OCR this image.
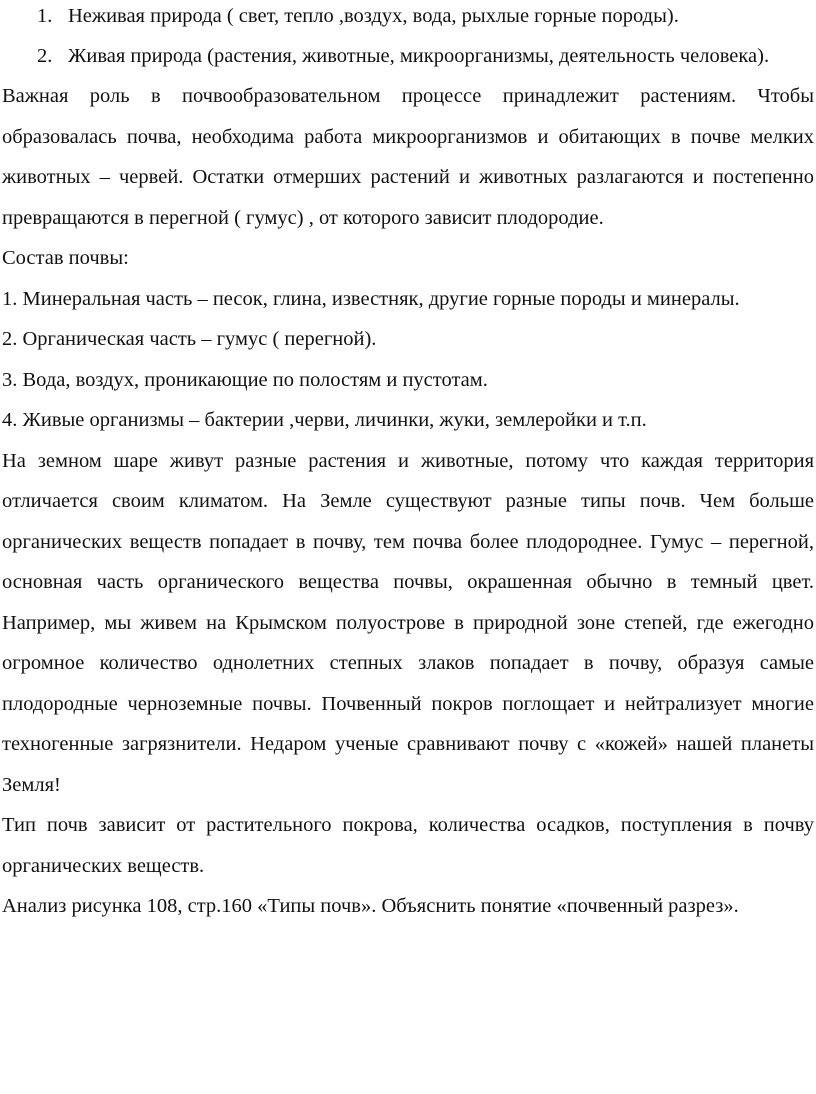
1. Неживая природа ( свет, тепло ,воздух, вода, рыхлые горные породы).
2. Живая природа (растения, животные, микроорганизмы, деятельность человека).

Важная роль в почвообразовательном процессе принадлежит растениям. Чтобы образовалась почва, необходима работа микроорганизмов и обитающих в почве мелких животных – червей. Остатки отмерших растений и животных разлагаются и постепенно превращаются в перегной ( гумус) , от которого зависит плодородие.

Состав почвы:

1. Минеральная часть – песок, глина, известняк, другие горные породы и минералы.

2. Органическая часть – гумус ( перегной).

3. Вода, воздух, проникающие по полостям и пустотам.

4. Живые организмы – бактерии ,черви, личинки, жуки, землеройки и т.п.

На земном шаре живут разные растения и животные, потому что каждая территория отличается своим климатом. На Земле существуют разные типы почв. Чем больше органических веществ попадает в почву, тем почва более плодороднее. Гумус – перегной, основная часть органического вещества почвы, окрашенная обычно в темный цвет. Например, мы живем на Крымском полуострове в природной зоне степей, где ежегодно огромное количество однолетних степных злаков попадает в почву, образуя самые плодородные черноземные почвы. Почвенный покров поглощает и нейтрализует многие техногенные загрязнители. Недаром ученые сравнивают почву с «кожей» нашей планеты Земля!

Тип почв зависит от растительного покрова, количества осадков, поступления в почву органических веществ.

Анализ рисунка 108, стр.160 «Типы почв». Объяснить понятие «почвенный разрез».
